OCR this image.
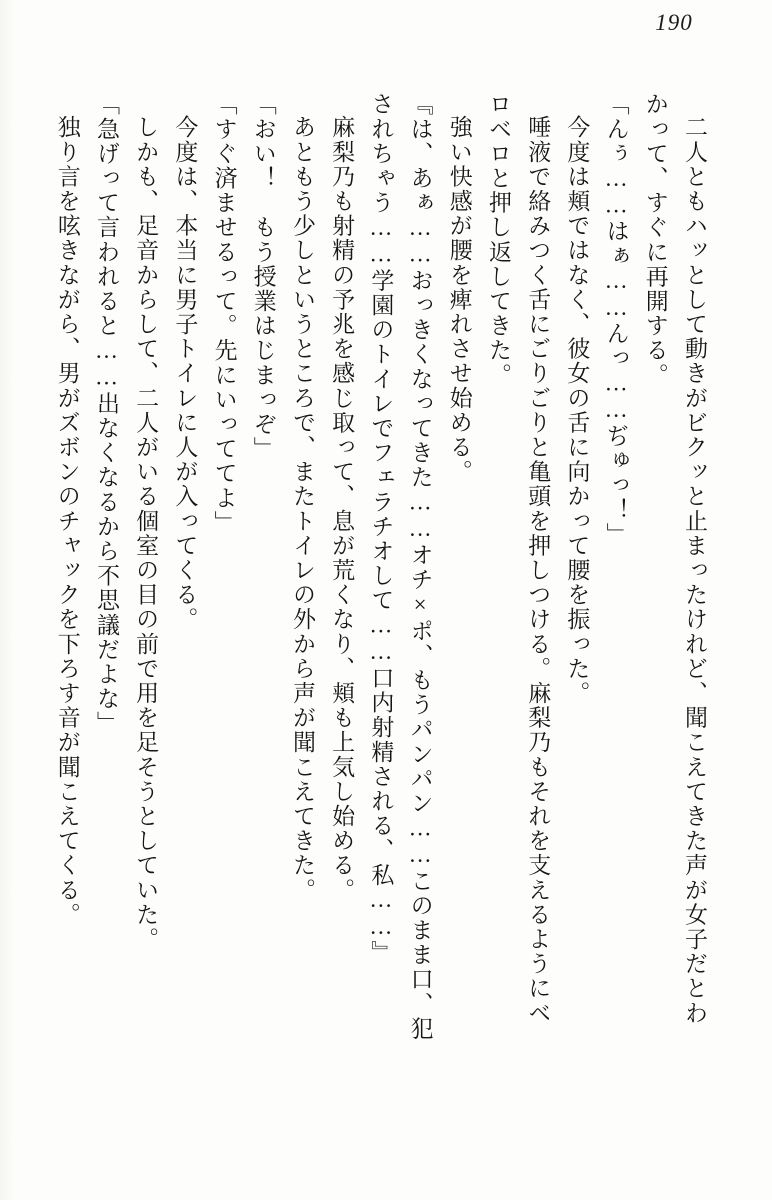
190

二人ともハッとして動きがビクッと止まったけれど、聞こえてきた声が女子だとわかって、すぐに再開する。

「んぅ……はぁ……んっ……ぢゅっ！」

今度は頬ではなく、彼女の舌に向かって腰を振った。

唾液で絡みつく舌にごりごりと亀頭を押しつける。麻梨乃もそれを支えるようにベロベロと押し返してきた。

強い快感が腰を痺れさせ始める。

『は、あぁ……おっきくなってきた……オチ×ポ、もうパンパン……このまま口、犯されちゃう……学園のトイレでフェラチオして……口内射精される、私……』

麻梨乃も射精の予兆を感じ取って、息が荒くなり、頬も上気し始める。

あともう少しというところで、またトイレの外から声が聞こえてきた。

「おい！　もう授業はじまっぞ」

「すぐ済ませるって。先にいっててよ」

今度は、本当に男子トイレに人が入ってくる。

しかも、足音からして、二人がいる個室の目の前で用を足そうとしていた。

「急げって言われると……出なくなるから不思議だよな」

独り言を呟きながら、男がズボンのチャックを下ろす音が聞こえてくる。
